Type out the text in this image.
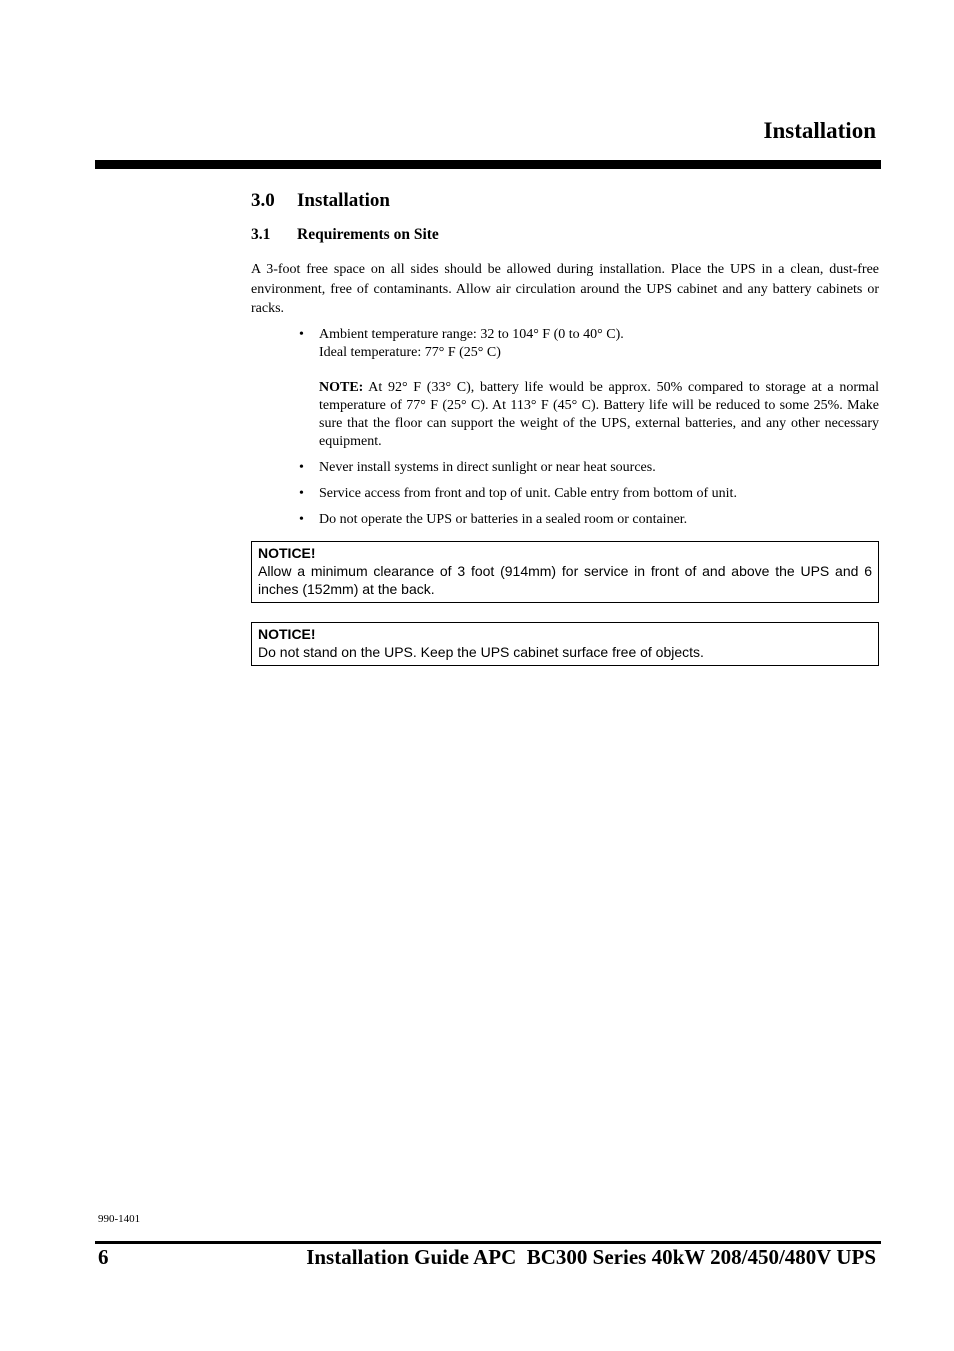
Installation
3.0	Installation
3.1	Requirements on Site

A 3-foot free space on all sides should be allowed during installation. Place the UPS in a clean, dust-free environment, free of contaminants. Allow air circulation around the UPS cabinet and any battery cabinets or racks.

• Ambient temperature range: 32 to 104° F (0 to 40° C).
Ideal temperature: 77° F (25° C)
NOTE: At 92° F (33° C), battery life would be approx. 50% compared to storage at a normal temperature of 77° F (25° C). At 113° F (45° C). Battery life will be reduced to some 25%. Make sure that the floor can support the weight of the UPS, external batteries, and any other necessary equipment.
• Never install systems in direct sunlight or near heat sources.
• Service access from front and top of unit. Cable entry from bottom of unit.
• Do not operate the UPS or batteries in a sealed room or container.
NOTICE!
Allow a minimum clearance of 3 foot (914mm) for service in front of and above the UPS and 6 inches (152mm) at the back.
NOTICE!
Do not stand on the UPS. Keep the UPS cabinet surface free of objects.
990-1401
6	Installation Guide APC  BC300 Series 40kW 208/450/480V UPS
